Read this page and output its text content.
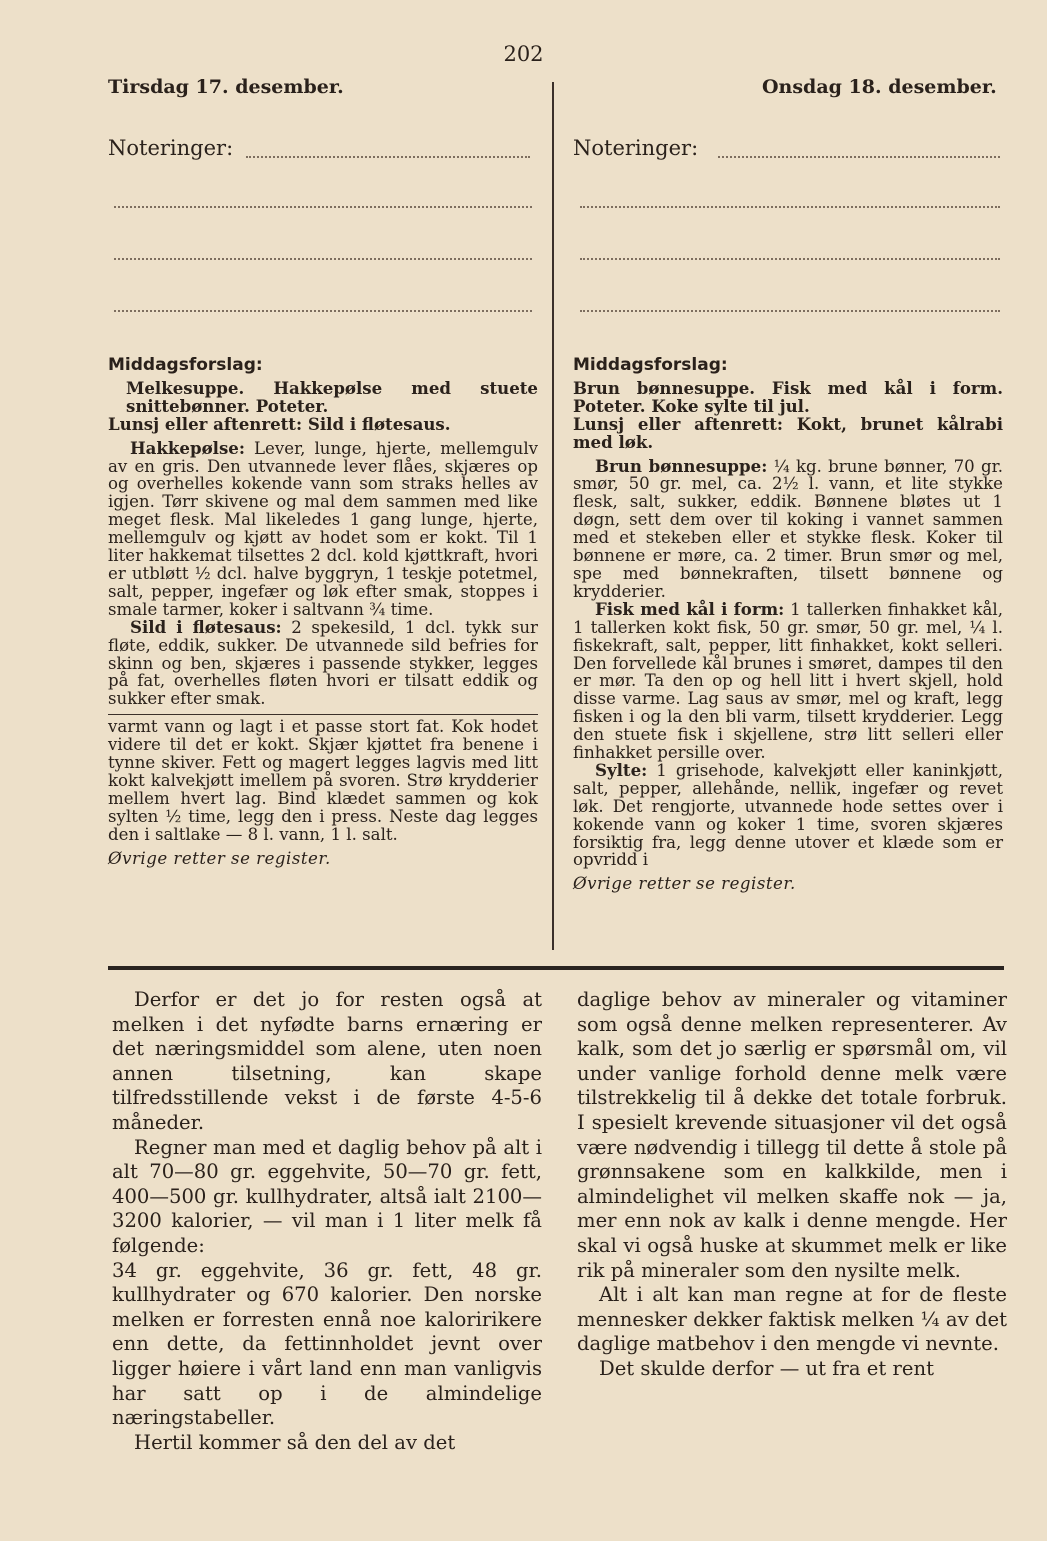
202
Tirsdag 17. desember.	Onsdag 18. desember.
Noteringer:	Noteringer:
Middagsforslag:
Melkesuppe. Hakkepølse med stuete snittebønner. Poteter.
Lunsj eller aftenrett: Sild i fløtesaus.

Hakkepølse: Lever, lunge, hjerte, mellemgulv av en gris. Den utvannede lever flåes, skjæres op og overhelles kokende vann som straks helles av igjen. Tørr skivene og mal dem sammen med like meget flesk. Mal likeledes 1 gang lunge, hjerte, mellemgulv og kjøtt av hodet som er kokt. Til 1 liter hakkemat tilsettes 2 dcl. kold kjøttkraft, hvori er utbløtt ½ dcl. halve byggryn, 1 teskje potetmel, salt, pepper, ingefær og løk efter smak, stoppes i smale tarmer, koker i saltvann ¾ time.

Sild i fløtesaus: 2 spekesild, 1 dcl. tykk sur fløte, eddik, sukker. De utvannede sild befries for skinn og ben, skjæres i passende stykker, legges på fat, overhelles fløten hvori er tilsatt eddik og sukker efter smak.

varmt vann og lagt i et passe stort fat. Kok hodet videre til det er kokt. Skjær kjøttet fra benene i tynne skiver. Fett og magert legges lagvis med litt kokt kalvekjøtt imellem på svoren. Strø krydderier mellem hvert lag. Bind klædet sammen og kok sylten ½ time, legg den i press. Neste dag legges den i saltlake — 8 l. vann, 1 l. salt.

Øvrige retter se register.
Middagsforslag:
Brun bønnesuppe. Fisk med kål i form. Poteter. Koke sylte til jul.
Lunsj eller aftenrett: Kokt, brunet kålrabi med løk.

Brun bønnesuppe: ¼ kg. brune bønner, 70 gr. smør, 50 gr. mel, ca. 2½ l. vann, et lite stykke flesk, salt, sukker, eddik. Bønnene bløtes ut 1 døgn, sett dem over til koking i vannet sammen med et stekeben eller et stykke flesk. Koker til bønnene er møre, ca. 2 timer. Brun smør og mel, spe med bønnekraften, tilsett bønnene og krydderier.

Fisk med kål i form: 1 tallerken finhakket kål, 1 tallerken kokt fisk, 50 gr. smør, 50 gr. mel, ¼ l. fiskekraft, salt, pepper, litt finhakket, kokt selleri. Den forvellede kål brunes i smøret, dampes til den er mør. Ta den op og hell litt i hvert skjell, hold disse varme. Lag saus av smør, mel og kraft, legg fisken i og la den bli varm, tilsett krydderier. Legg den stuete fisk i skjellene, strø litt selleri eller finhakket persille over.

Sylte: 1 grisehode, kalvekjøtt eller kaninkjøtt, salt, pepper, allehånde, nellik, ingefær og revet løk. Det rengjorte, utvannede hode settes over i kokende vann og koker 1 time, svoren skjæres forsiktig fra, legg denne utover et klæde som er opvridd i

Øvrige retter se register.

Derfor er det jo for resten også at melken i det nyfødte barns ernæring er det næringsmiddel som alene, uten noen annen tilsetning, kan skape tilfredsstillende vekst i de første 4-5-6 måneder.

Regner man med et daglig behov på alt i alt 70—80 gr. eggehvite, 50—70 gr. fett, 400—500 gr. kullhydrater, altså ialt 2100—3200 kalorier, — vil man i 1 liter melk få følgende:

34 gr. eggehvite, 36 gr. fett, 48 gr. kullhydrater og 670 kalorier. Den norske melken er forresten ennå noe kaloririkere enn dette, da fettinnholdet jevnt over ligger høiere i vårt land enn man vanligvis har satt op i de almindelige næringstabeller.

Hertil kommer så den del av det

daglige behov av mineraler og vitaminer som også denne melken representerer. Av kalk, som det jo særlig er spørsmål om, vil under vanlige forhold denne melk være tilstrekkelig til å dekke det totale forbruk. I spesielt krevende situasjoner vil det også være nødvendig i tillegg til dette å stole på grønnsakene som en kalkkilde, men i almindelighet vil melken skaffe nok — ja, mer enn nok av kalk i denne mengde. Her skal vi også huske at skummet melk er like rik på mineraler som den nysilte melk.

Alt i alt kan man regne at for de fleste mennesker dekker faktisk melken ¼ av det daglige matbehov i den mengde vi nevnte.

Det skulde derfor — ut fra et rent
